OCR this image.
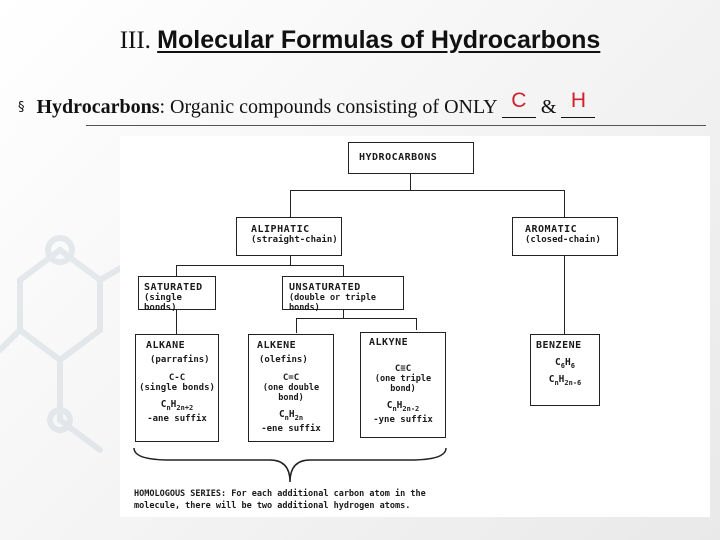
III. Molecular Formulas of Hydrocarbons
§ Hydrocarbons: Organic compounds consisting of ONLY C & H
HYDROCARBONS
ALIPHATIC
(straight-chain)
AROMATIC
(closed-chain)
SATURATED
(single bonds)
UNSATURATED
(double or triple bonds)
ALKANE
(parrafins)
C-C
(single bonds)
$C_nH_{2n+2}$
-ane suffix
ALKENE
(olefins)
C=C
(one double bond)
$C_nH_{2n}$
-ene suffix
ALKYNE
C≡C
(one triple bond)
$C_nH_{2n-2}$
-yne suffix
BENZENE
$C_6H_6$
$C_nH_{2n-6}$
HOMOLOGOUS SERIES: For each additional carbon atom in the molecule, there will be two additional hydrogen atoms.
